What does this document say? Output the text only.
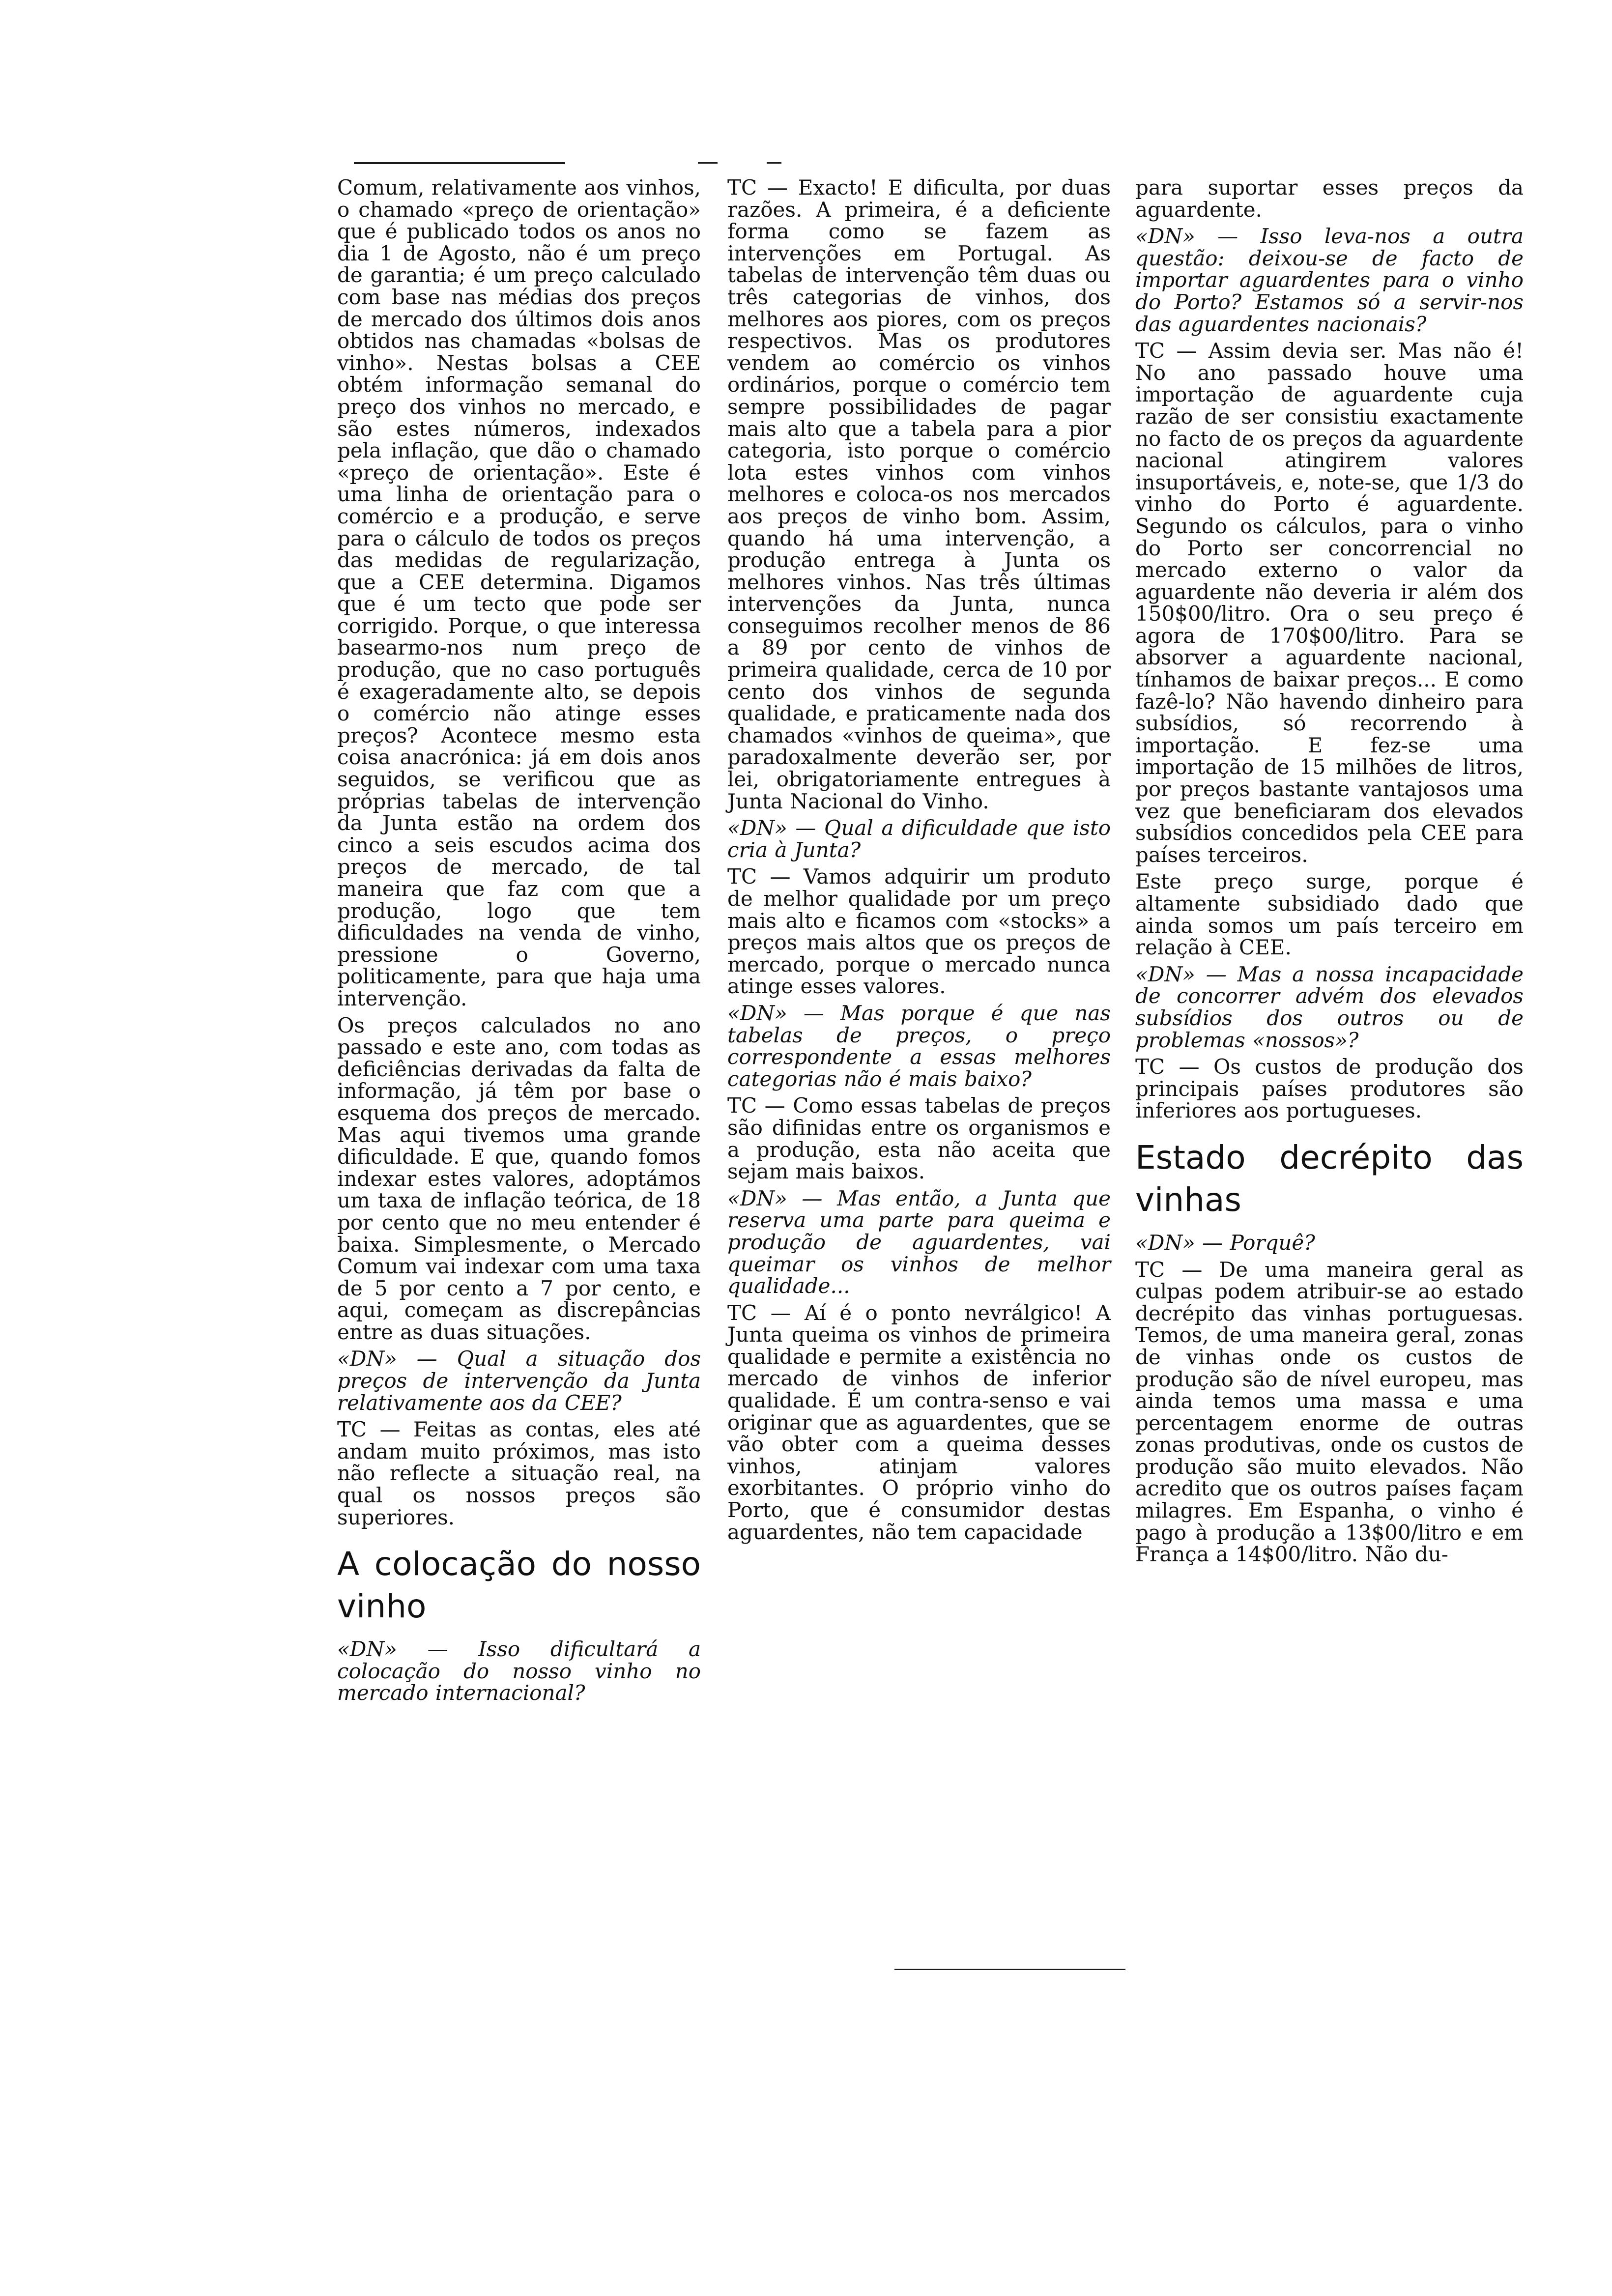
Comum, relativamente aos vinhos, o chamado «preço de orientação» que é publicado todos os anos no dia 1 de Agosto, não é um preço de garantia; é um preço calculado com base nas médias dos preços de mercado dos últimos dois anos obtidos nas chamadas «bolsas de vinho». Nestas bolsas a CEE obtém informação semanal do preço dos vinhos no mercado, e são estes números, indexados pela inflação, que dão o chamado «preço de orientação». Este é uma linha de orientação para o comércio e a produção, e serve para o cálculo de todos os preços das medidas de regularização, que a CEE determina. Digamos que é um tecto que pode ser corrigido. Porque, o que interessa basearmo-nos num preço de produção, que no caso português é exageradamente alto, se depois o comércio não atinge esses preços? Acontece mesmo esta coisa anacrónica: já em dois anos seguidos, se verificou que as próprias tabelas de intervenção da Junta estão na ordem dos cinco a seis escudos acima dos preços de mercado, de tal maneira que faz com que a produção, logo que tem dificuldades na venda de vinho, pressione o Governo, politicamente, para que haja uma intervenção.

Os preços calculados no ano passado e este ano, com todas as deficiências derivadas da falta de informação, já têm por base o esquema dos preços de mercado. Mas aqui tivemos uma grande dificuldade. E que, quando fomos indexar estes valores, adoptámos um taxa de inflação teórica, de 18 por cento que no meu entender é baixa. Simplesmente, o Mercado Comum vai indexar com uma taxa de 5 por cento a 7 por cento, e aqui, começam as discrepâncias entre as duas situações.

«DN» — Qual a situação dos preços de intervenção da Junta relativamente aos da CEE?

TC — Feitas as contas, eles até andam muito próximos, mas isto não reflecte a situação real, na qual os nossos preços são superiores.

A colocação do nosso vinho

«DN» — Isso dificultará a colocação do nosso vinho no mercado internacional?

TC — Exacto! E dificulta, por duas razões. A primeira, é a deficiente forma como se fazem as intervenções em Portugal. As tabelas de intervenção têm duas ou três categorias de vinhos, dos melhores aos piores, com os preços respectivos. Mas os produtores vendem ao comércio os vinhos ordinários, porque o comércio tem sempre possibilidades de pagar mais alto que a tabela para a pior categoria, isto porque o comércio lota estes vinhos com vinhos melhores e coloca-os nos mercados aos preços de vinho bom. Assim, quando há uma intervenção, a produção entrega à Junta os melhores vinhos. Nas três últimas intervenções da Junta, nunca conseguimos recolher menos de 86 a 89 por cento de vinhos de primeira qualidade, cerca de 10 por cento dos vinhos de segunda qualidade, e praticamente nada dos chamados «vinhos de queima», que paradoxalmente deverão ser, por lei, obrigatoriamente entregues à Junta Nacional do Vinho.

«DN» — Qual a dificuldade que isto cria à Junta?

TC — Vamos adquirir um produto de melhor qualidade por um preço mais alto e ficamos com «stocks» a preços mais altos que os preços de mercado, porque o mercado nunca atinge esses valores.

«DN» — Mas porque é que nas tabelas de preços, o preço correspondente a essas melhores categorias não é mais baixo?

TC — Como essas tabelas de preços são difinidas entre os organismos e a produção, esta não aceita que sejam mais baixos.

«DN» — Mas então, a Junta que reserva uma parte para queima e produção de aguardentes, vai queimar os vinhos de melhor qualidade...

TC — Aí é o ponto nevrálgico! A Junta queima os vinhos de primeira qualidade e permite a existência no mercado de vinhos de inferior qualidade. É um contra-senso e vai originar que as aguardentes, que se vão obter com a queima desses vinhos, atinjam valores exorbitantes. O próprio vinho do Porto, que é consumidor destas aguardentes, não tem capacidade

para suportar esses preços da aguardente.

«DN» — Isso leva-nos a outra questão: deixou-se de facto de importar aguardentes para o vinho do Porto? Estamos só a servir-nos das aguardentes nacionais?

TC — Assim devia ser. Mas não é! No ano passado houve uma importação de aguardente cuja razão de ser consistiu exactamente no facto de os preços da aguardente nacional atingirem valores insuportáveis, e, note-se, que 1/3 do vinho do Porto é aguardente. Segundo os cálculos, para o vinho do Porto ser concorrencial no mercado externo o valor da aguardente não deveria ir além dos 150$00/litro. Ora o seu preço é agora de 170$00/litro. Para se absorver a aguardente nacional, tínhamos de baixar preços... E como fazê-lo? Não havendo dinheiro para subsídios, só recorrendo à importação. E fez-se uma importação de 15 milhões de litros, por preços bastante vantajosos uma vez que beneficiaram dos elevados subsídios concedidos pela CEE para países terceiros.

Este preço surge, porque é altamente subsidiado dado que ainda somos um país terceiro em relação à CEE.

«DN» — Mas a nossa incapacidade de concorrer advém dos elevados subsídios dos outros ou de problemas «nossos»?

TC — Os custos de produção dos principais países produtores são inferiores aos portugueses.

Estado decrépito das vinhas

«DN» — Porquê?

TC — De uma maneira geral as culpas podem atribuir-se ao estado decrépito das vinhas portuguesas. Temos, de uma maneira geral, zonas de vinhas onde os custos de produção são de nível europeu, mas ainda temos uma massa e uma percentagem enorme de outras zonas produtivas, onde os custos de produção são muito elevados. Não acredito que os outros países façam milagres. Em Espanha, o vinho é pago à produção a 13$00/litro e em França a 14$00/litro. Não du-
